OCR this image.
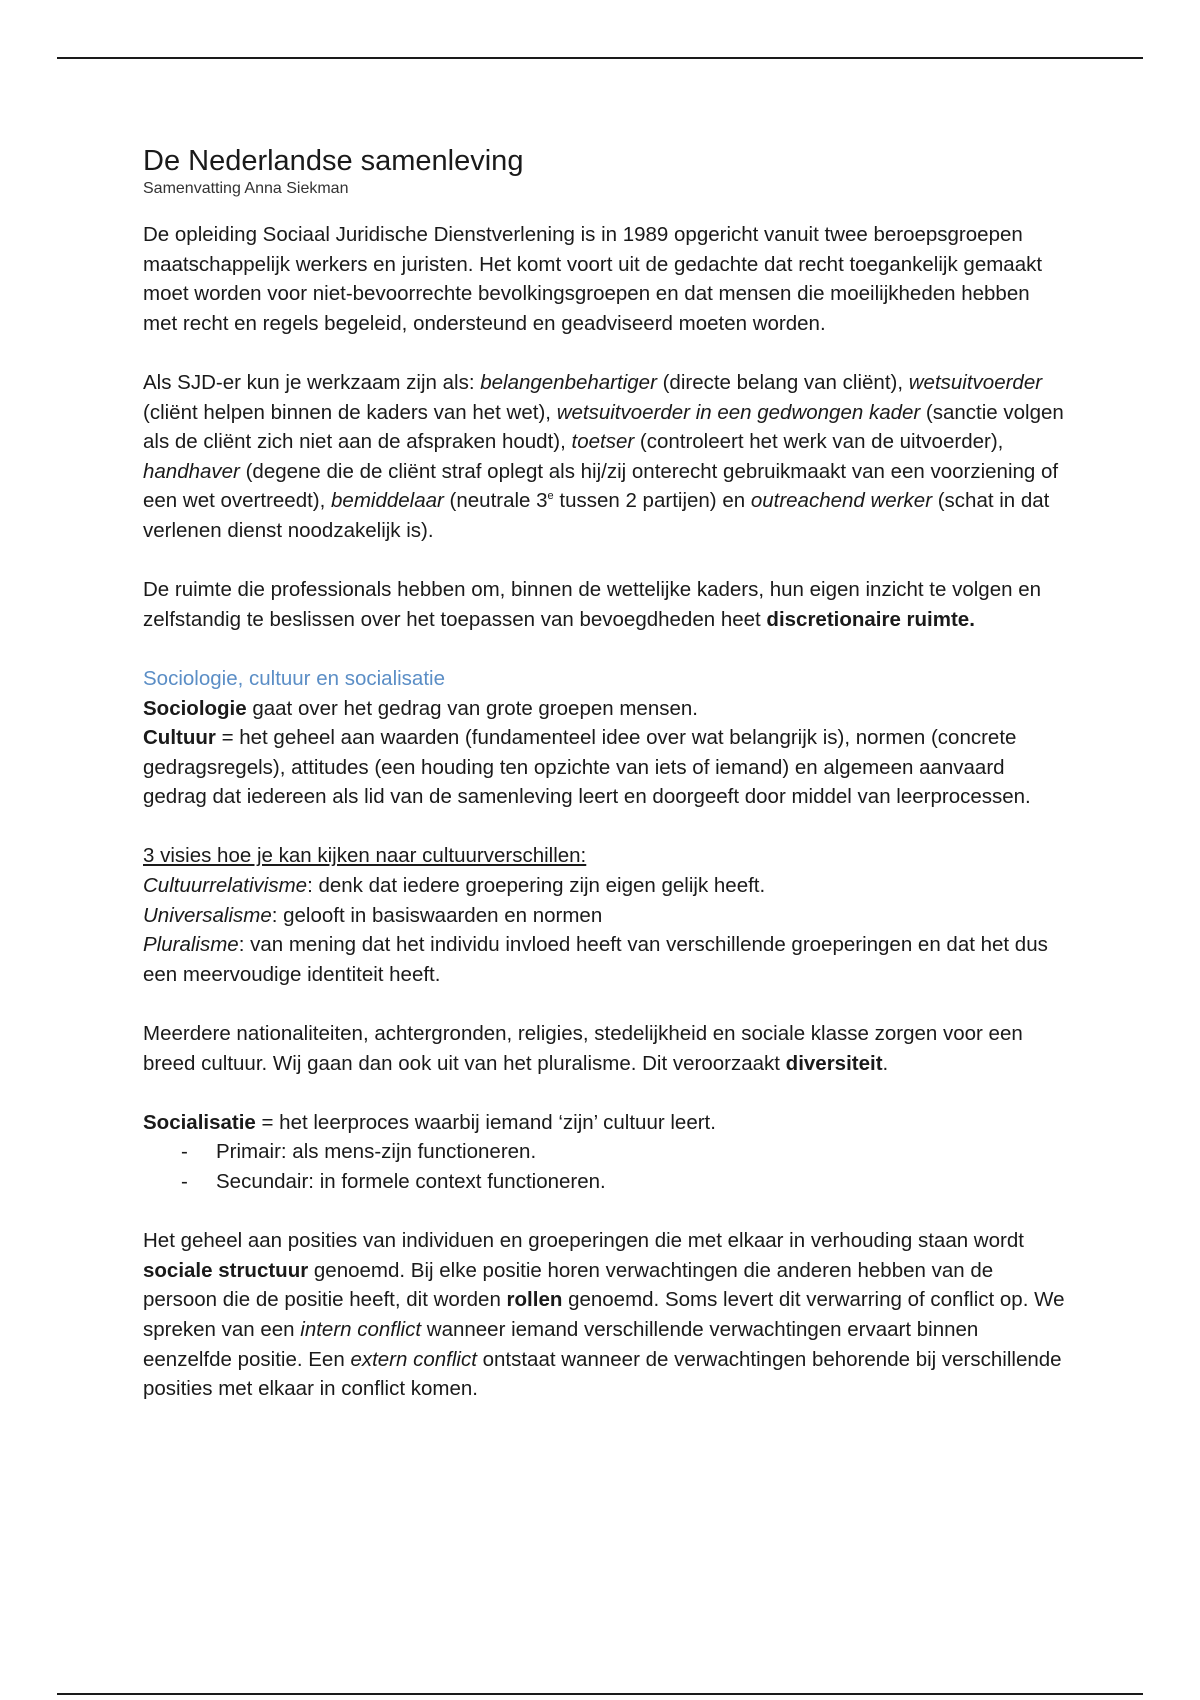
De Nederlandse samenleving
Samenvatting Anna Siekman

De opleiding Sociaal Juridische Dienstverlening is in 1989 opgericht vanuit twee beroepsgroepen maatschappelijk werkers en juristen. Het komt voort uit de gedachte dat recht toegankelijk gemaakt moet worden voor niet-bevoorrechte bevolkingsgroepen en dat mensen die moeilijkheden hebben met recht en regels begeleid, ondersteund en geadviseerd moeten worden.

Als SJD-er kun je werkzaam zijn als: belangenbehartiger (directe belang van cliënt), wetsuitvoerder (cliënt helpen binnen de kaders van het wet), wetsuitvoerder in een gedwongen kader (sanctie volgen als de cliënt zich niet aan de afspraken houdt), toetser (controleert het werk van de uitvoerder), handhaver (degene die de cliënt straf oplegt als hij/zij onterecht gebruikmaakt van een voorziening of een wet overtreedt), bemiddelaar (neutrale 3e tussen 2 partijen) en outreachend werker (schat in dat verlenen dienst noodzakelijk is).

De ruimte die professionals hebben om, binnen de wettelijke kaders, hun eigen inzicht te volgen en zelfstandig te beslissen over het toepassen van bevoegdheden heet discretionaire ruimte.

Sociologie, cultuur en socialisatie

Sociologie gaat over het gedrag van grote groepen mensen.

Cultuur = het geheel aan waarden (fundamenteel idee over wat belangrijk is), normen (concrete gedragsregels), attitudes (een houding ten opzichte van iets of iemand) en algemeen aanvaard gedrag dat iedereen als lid van de samenleving leert en doorgeeft door middel van leerprocessen.

3 visies hoe je kan kijken naar cultuurverschillen:

Cultuurrelativisme: denk dat iedere groepering zijn eigen gelijk heeft.

Universalisme: gelooft in basiswaarden en normen

Pluralisme: van mening dat het individu invloed heeft van verschillende groeperingen en dat het dus een meervoudige identiteit heeft.

Meerdere nationaliteiten, achtergronden, religies, stedelijkheid en sociale klasse zorgen voor een breed cultuur. Wij gaan dan ook uit van het pluralisme. Dit veroorzaakt diversiteit.

Socialisatie = het leerproces waarbij iemand ‘zijn’ cultuur leert.

- Primair: als mens-zijn functioneren.
- Secundair: in formele context functioneren.

Het geheel aan posities van individuen en groeperingen die met elkaar in verhouding staan wordt sociale structuur genoemd. Bij elke positie horen verwachtingen die anderen hebben van de persoon die de positie heeft, dit worden rollen genoemd. Soms levert dit verwarring of conflict op. We spreken van een intern conflict wanneer iemand verschillende verwachtingen ervaart binnen eenzelfde positie. Een extern conflict ontstaat wanneer de verwachtingen behorende bij verschillende posities met elkaar in conflict komen.
